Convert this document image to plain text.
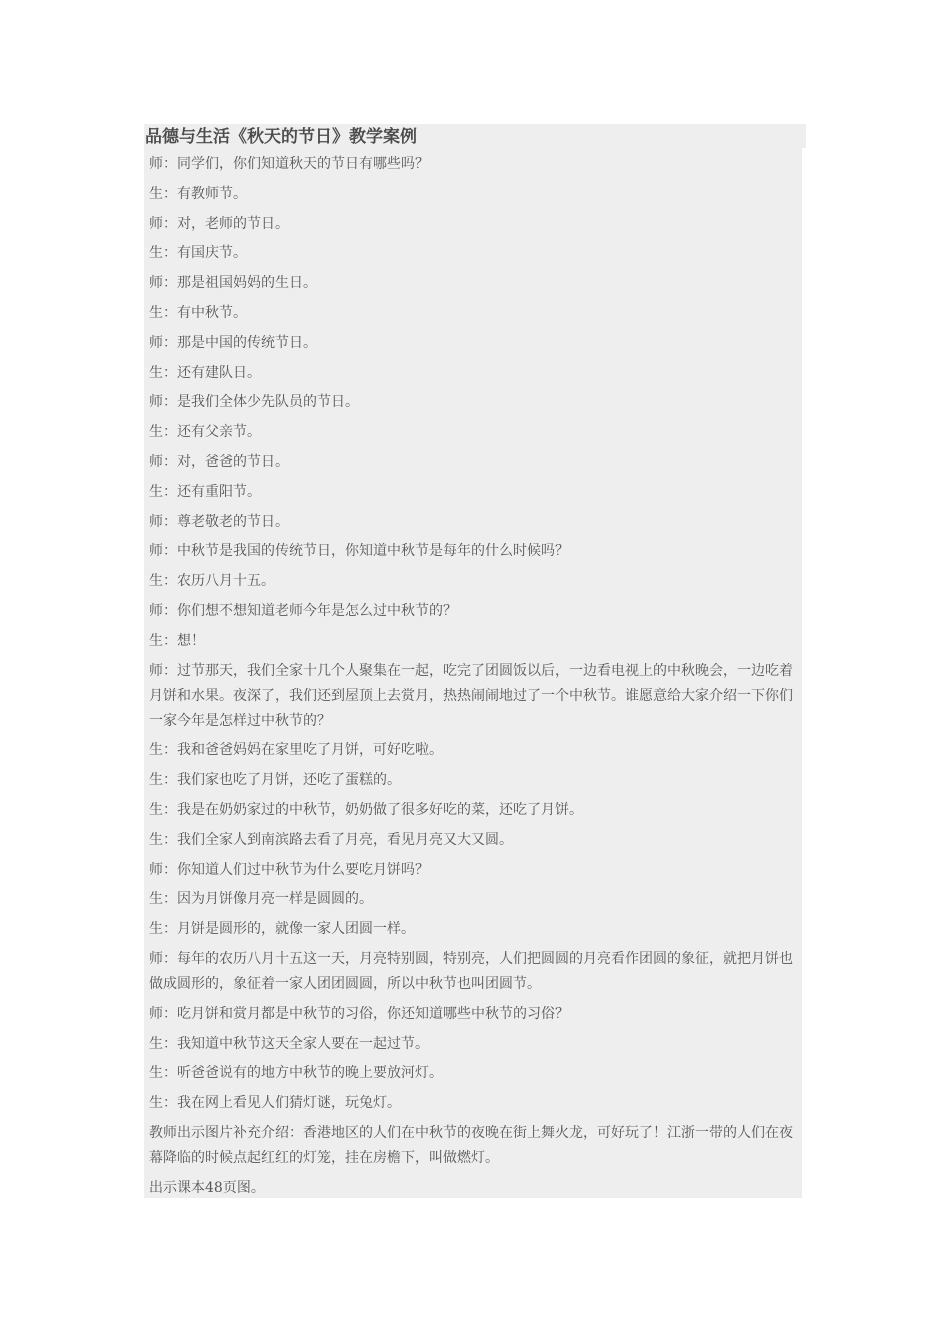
品德与生活《秋天的节日》教学案例
师：同学们，你们知道秋天的节日有哪些吗？
生：有教师节。
师：对，老师的节日。
生：有国庆节。
师：那是祖国妈妈的生日。
生：有中秋节。
师：那是中国的传统节日。
生：还有建队日。
师：是我们全体少先队员的节日。
生：还有父亲节。
师：对，爸爸的节日。
生：还有重阳节。
师：尊老敬老的节日。
师：中秋节是我国的传统节日，你知道中秋节是每年的什么时候吗？
生：农历八月十五。
师：你们想不想知道老师今年是怎么过中秋节的？
生：想！
师：过节那天，我们全家十几个人聚集在一起，吃完了团圆饭以后，一边看电视上的中秋晚会，一边吃着月饼和水果。夜深了，我们还到屋顶上去赏月，热热闹闹地过了一个中秋节。谁愿意给大家介绍一下你们一家今年是怎样过中秋节的？
生：我和爸爸妈妈在家里吃了月饼，可好吃啦。
生：我们家也吃了月饼，还吃了蛋糕的。
生：我是在奶奶家过的中秋节，奶奶做了很多好吃的菜，还吃了月饼。
生：我们全家人到南滨路去看了月亮，看见月亮又大又圆。
师：你知道人们过中秋节为什么要吃月饼吗？
生：因为月饼像月亮一样是圆圆的。
生：月饼是圆形的，就像一家人团圆一样。
师：每年的农历八月十五这一天，月亮特别圆，特别亮，人们把圆圆的月亮看作团圆的象征，就把月饼也做成圆形的，象征着一家人团团圆圆，所以中秋节也叫团圆节。
师：吃月饼和赏月都是中秋节的习俗，你还知道哪些中秋节的习俗？
生：我知道中秋节这天全家人要在一起过节。
生：听爸爸说有的地方中秋节的晚上要放河灯。
生：我在网上看见人们猜灯谜，玩兔灯。
教师出示图片补充介绍：香港地区的人们在中秋节的夜晚在街上舞火龙，可好玩了！江浙一带的人们在夜幕降临的时候点起红红的灯笼，挂在房檐下，叫做燃灯。
出示课本48页图。
